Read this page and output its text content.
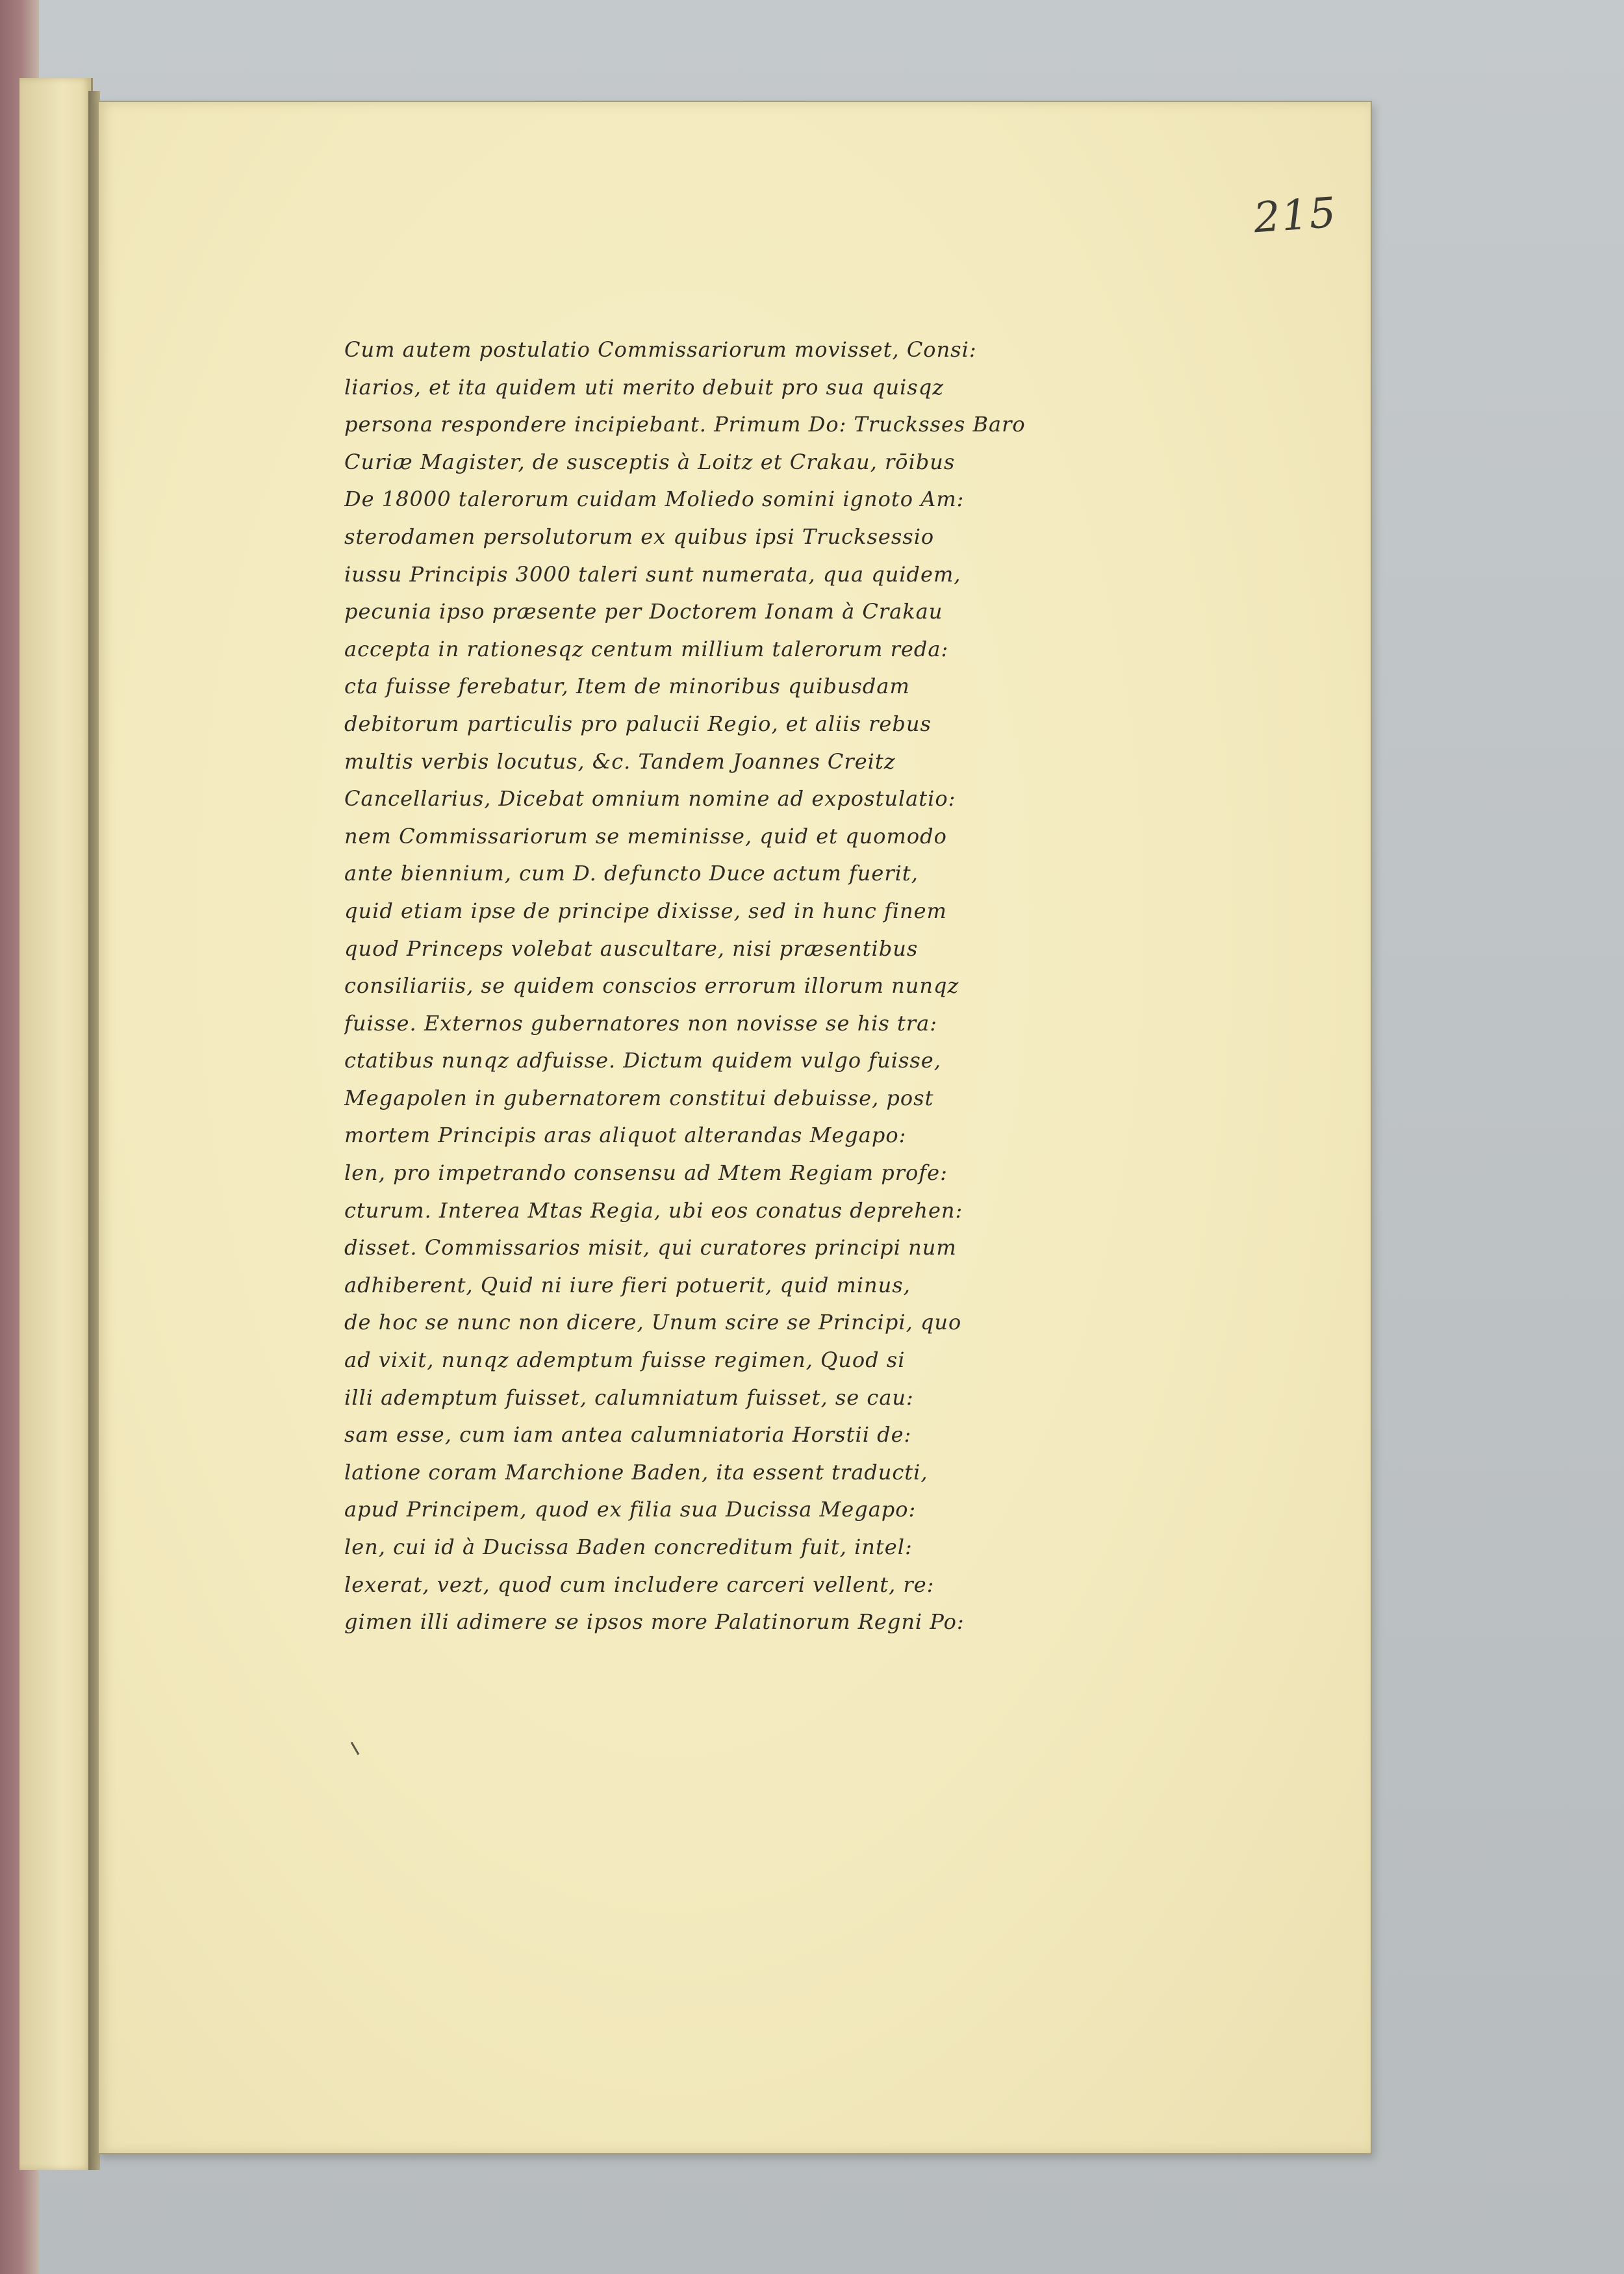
215
Cum autem postulatio Commissariorum movisset, Consi:
liarios, et ita quidem uti merito debuit pro sua quisqz
persona respondere incipiebant. Primum Do: Trucksses Baro
Curiæ Magister, de susceptis à Loitz et Crakau, rōibus
De 18000 talerorum cuidam Moliedo somini ignoto Am:
sterodamen persolutorum ex quibus ipsi Trucksessio
iussu Principis 3000 taleri sunt numerata, qua quidem,
pecunia ipso præsente per Doctorem Ionam à Crakau
accepta in rationesqz centum millium talerorum reda:
cta fuisse ferebatur, Item de minoribus quibusdam
debitorum particulis pro palucii Regio, et aliis rebus
multis verbis locutus, &c. Tandem Joannes Creitz
Cancellarius, Dicebat omnium nomine ad expostulatio:
nem Commissariorum se meminisse, quid et quomodo
ante biennium, cum D. defuncto Duce actum fuerit,
quid etiam ipse de principe dixisse, sed in hunc finem
quod Princeps volebat auscultare, nisi præsentibus
consiliariis, se quidem conscios errorum illorum nunqz
fuisse. Externos gubernatores non novisse se his tra:
ctatibus nunqz adfuisse. Dictum quidem vulgo fuisse,
Megapolen in gubernatorem constitui debuisse, post
mortem Principis aras aliquot alterandas Megapo:
len, pro impetrando consensu ad Mtem Regiam profe:
cturum. Interea Mtas Regia, ubi eos conatus deprehen:
disset. Commissarios misit, qui curatores principi num
adhiberent, Quid ni iure fieri potuerit, quid minus,
de hoc se nunc non dicere, Unum scire se Principi, quo
ad vixit, nunqz ademptum fuisse regimen, Quod si
illi ademptum fuisset, calumniatum fuisset, se cau:
sam esse, cum iam antea calumniatoria Horstii de:
latione coram Marchione Baden, ita essent traducti,
apud Principem, quod ex filia sua Ducissa Megapo:
len, cui id à Ducissa Baden concreditum fuit, intel:
lexerat, vezt, quod cum includere carceri vellent, re:
gimen illi adimere se ipsos more Palatinorum Regni Po:
